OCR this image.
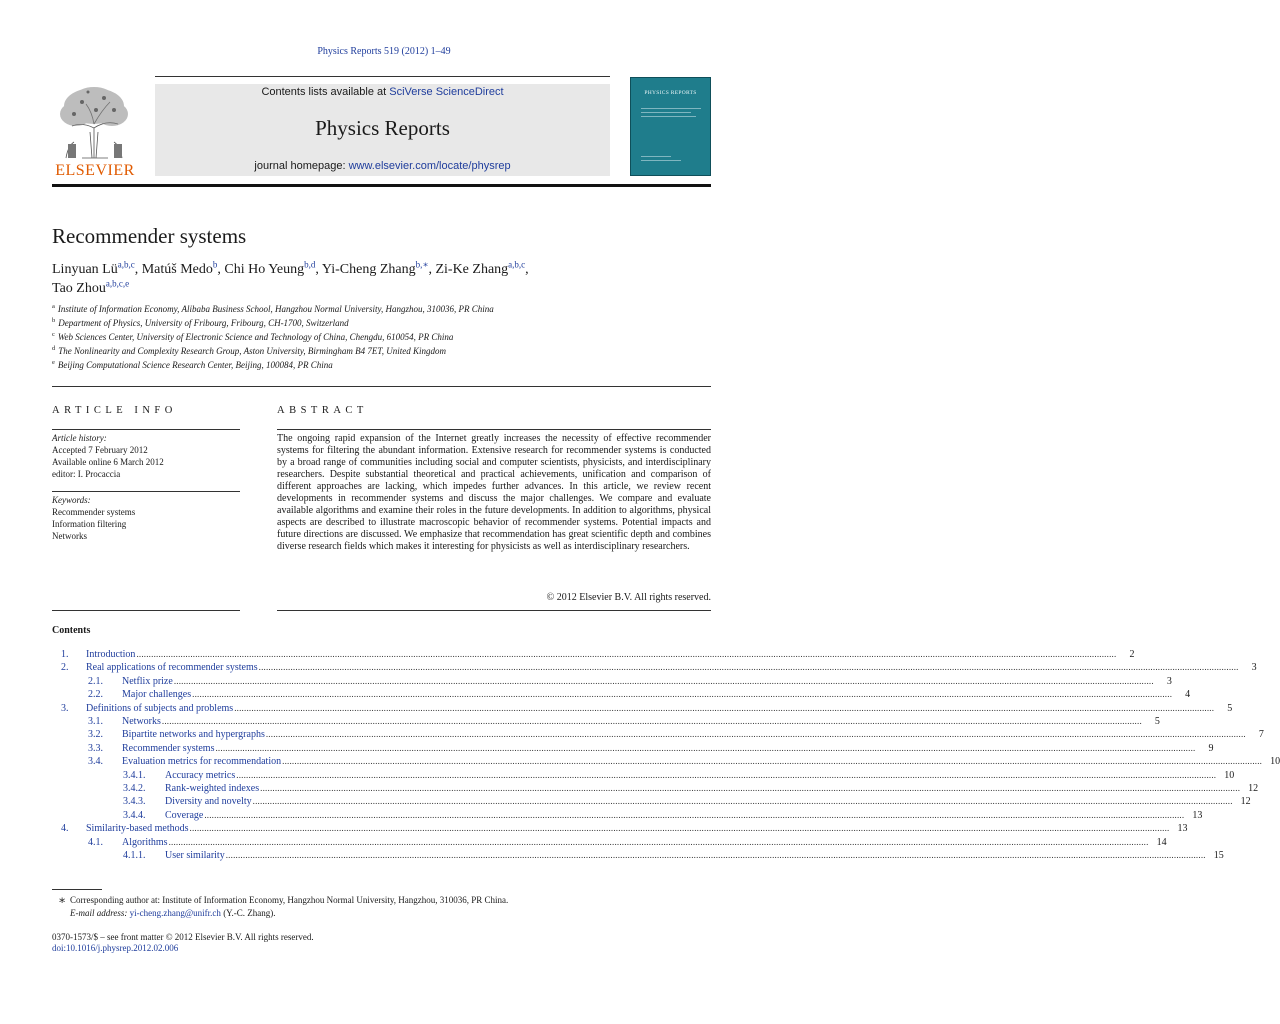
Physics Reports 519 (2012) 1–49
ELSEVIER
Contents lists available at SciVerse ScienceDirect
Physics Reports
journal homepage: www.elsevier.com/locate/physrep
PHYSICS REPORTS
Recommender systems
Linyuan Lü$^{a,b,c}$, Matúš Medo$^b$, Chi Ho Yeung$^{b,d}$, Yi-Cheng Zhang$^{b,∗}$, Zi-Ke Zhang$^{a,b,c}$,
Tao Zhou$^{a,b,c,e}$
$^a$ Institute of Information Economy, Alibaba Business School, Hangzhou Normal University, Hangzhou, 310036, PR China
$^b$ Department of Physics, University of Fribourg, Fribourg, CH-1700, Switzerland
$^c$ Web Sciences Center, University of Electronic Science and Technology of China, Chengdu, 610054, PR China
$^d$ The Nonlinearity and Complexity Research Group, Aston University, Birmingham B4 7ET, United Kingdom
$^e$ Beijing Computational Science Research Center, Beijing, 100084, PR China
ARTICLE INFO	ABSTRACT
Article history:
Accepted 7 February 2012
Available online 6 March 2012
editor: I. Procaccia
Keywords:
Recommender systems
Information filtering
Networks
The ongoing rapid expansion of the Internet greatly increases the necessity of effective recommender systems for filtering the abundant information. Extensive research for recommender systems is conducted by a broad range of communities including social and computer scientists, physicists, and interdisciplinary researchers. Despite substantial theoretical and practical achievements, unification and comparison of different approaches are lacking, which impedes further advances. In this article, we review recent developments in recommender systems and discuss the major challenges. We compare and evaluate available algorithms and examine their roles in the future developments. In addition to algorithms, physical aspects are described to illustrate macroscopic behavior of recommender systems. Potential impacts and future directions are discussed. We emphasize that recommendation has great scientific depth and combines diverse research fields which makes it interesting for physicists as well as interdisciplinary researchers.
© 2012 Elsevier B.V. All rights reserved.
Contents
1.	Introduction ................................................................................................................................................................................................................................................................................................................................................................................................................	2
2.	Real applications of recommender systems ................................................................................................................................................................................................................................................................................................................................................................................................................	3
2.1.	Netflix prize ................................................................................................................................................................................................................................................................................................................................................................................................................	3
2.2.	Major challenges ................................................................................................................................................................................................................................................................................................................................................................................................................	4
3.	Definitions of subjects and problems ................................................................................................................................................................................................................................................................................................................................................................................................................	5
3.1.	Networks ................................................................................................................................................................................................................................................................................................................................................................................................................	5
3.2.	Bipartite networks and hypergraphs ................................................................................................................................................................................................................................................................................................................................................................................................................	7
3.3.	Recommender systems ................................................................................................................................................................................................................................................................................................................................................................................................................	9
3.4.	Evaluation metrics for recommendation ................................................................................................................................................................................................................................................................................................................................................................................................................ 10
3.4.1.	Accuracy metrics ................................................................................................................................................................................................................................................................................................................................................................................................................ 10
3.4.2.	Rank-weighted indexes ................................................................................................................................................................................................................................................................................................................................................................................................................ 12
3.4.3.	Diversity and novelty ................................................................................................................................................................................................................................................................................................................................................................................................................ 12
3.4.4.	Coverage ................................................................................................................................................................................................................................................................................................................................................................................................................ 13
4.	Similarity-based methods ................................................................................................................................................................................................................................................................................................................................................................................................................ 13
4.1.	Algorithms ................................................................................................................................................................................................................................................................................................................................................................................................................ 14
4.1.1.	User similarity ................................................................................................................................................................................................................................................................................................................................................................................................................ 15
∗ Corresponding author at: Institute of Information Economy, Hangzhou Normal University, Hangzhou, 310036, PR China.
E-mail address: yi-cheng.zhang@unifr.ch (Y.-C. Zhang).
0370-1573/$ – see front matter © 2012 Elsevier B.V. All rights reserved.
doi:10.1016/j.physrep.2012.02.006
